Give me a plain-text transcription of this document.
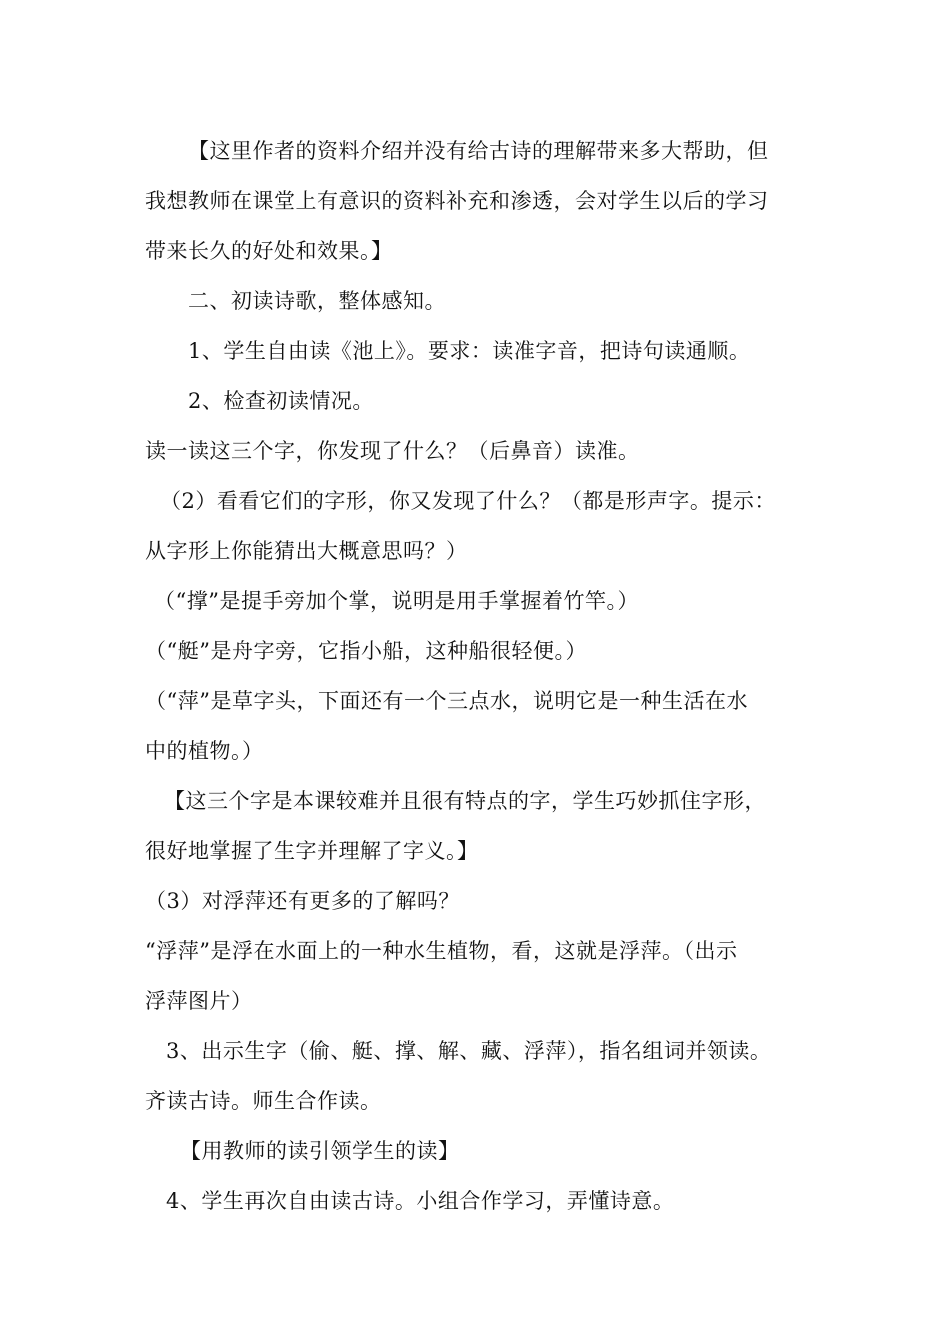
【这里作者的资料介绍并没有给古诗的理解带来多大帮助，但
我想教师在课堂上有意识的资料补充和渗透，会对学生以后的学习
带来长久的好处和效果。】
二、初读诗歌，整体感知。
1、学生自由读《池上》。要求：读准字音，把诗句读通顺。
2、检查初读情况。
读一读这三个字，你发现了什么？（后鼻音）读准。
（2）看看它们的字形，你又发现了什么？（都是形声字。提示：
从字形上你能猜出大概意思吗？）
（“撑”是提手旁加个掌，说明是用手掌握着竹竿。）
（“艇”是舟字旁，它指小船，这种船很轻便。）
（“萍”是草字头，下面还有一个三点水，说明它是一种生活在水
中的植物。）
【这三个字是本课较难并且很有特点的字，学生巧妙抓住字形，
很好地掌握了生字并理解了字义。】
（3）对浮萍还有更多的了解吗？
“浮萍”是浮在水面上的一种水生植物，看，这就是浮萍。（出示
浮萍图片）
3、出示生字（偷、艇、撑、解、藏、浮萍），指名组词并领读。
齐读古诗。师生合作读。
【用教师的读引领学生的读】
4、学生再次自由读古诗。小组合作学习，弄懂诗意。
